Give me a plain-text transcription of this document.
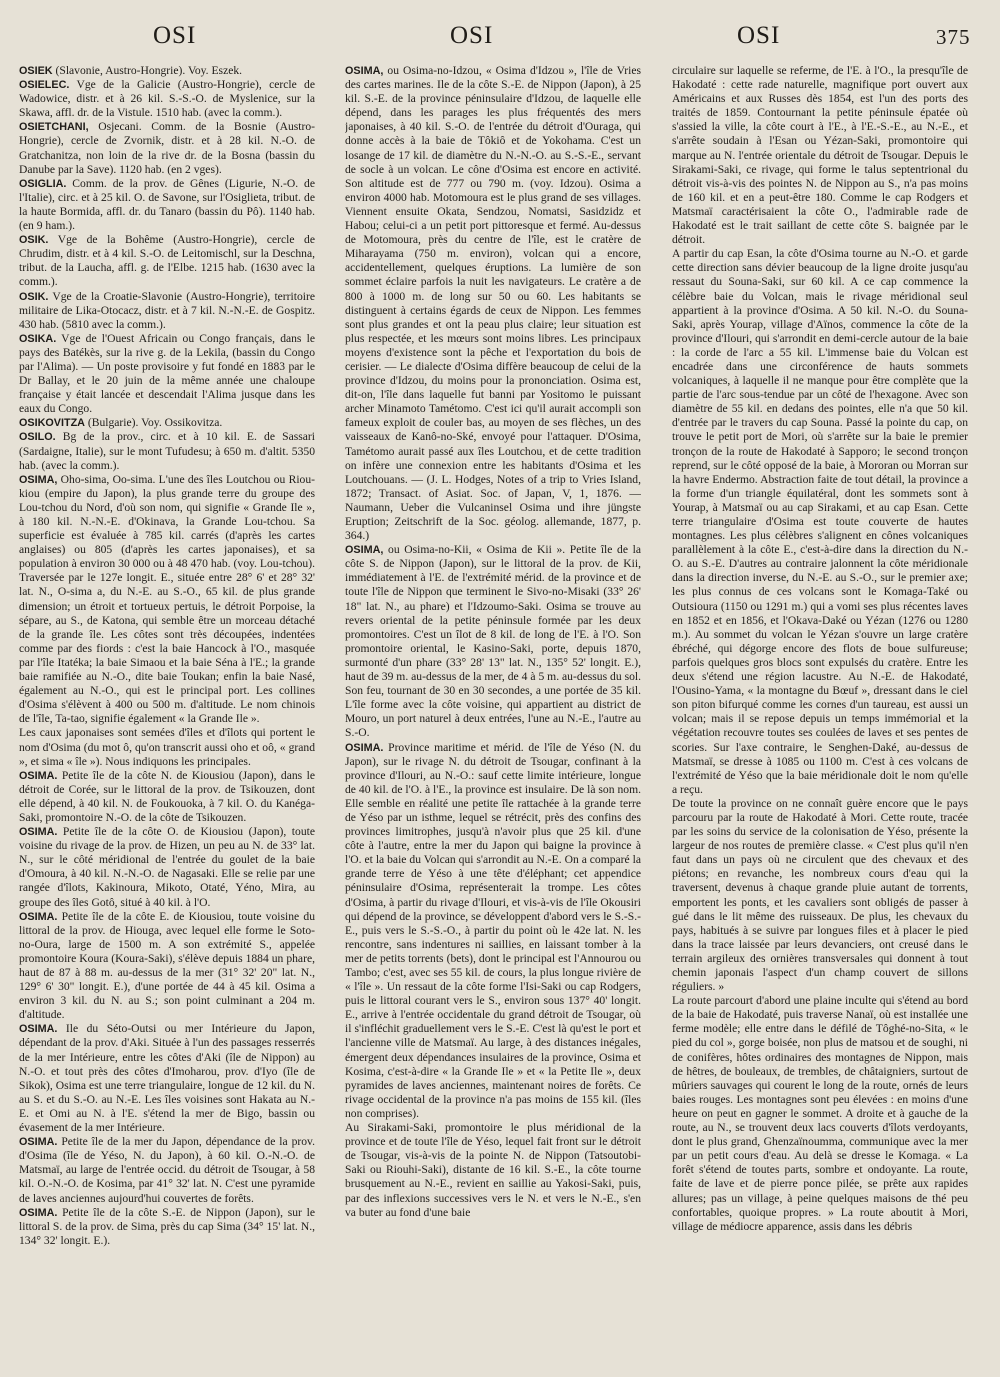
OSI	OSI	OSI	375

OSIEK (Slavonie, Austro-Hongrie). Voy. Eszek.

OSIELEC. Vge de la Galicie (Austro-Hongrie), cercle de Wadowice, distr. et à 26 kil. S.-S.-O. de Myslenice, sur la Skawa, affl. dr. de la Vistule. 1510 hab. (avec la comm.).

OSIETCHANI, Osjecani. Comm. de la Bosnie (Austro-Hongrie), cercle de Zvornik, distr. et à 28 kil. N.-O. de Gratchanitza, non loin de la rive dr. de la Bosna (bassin du Danube par la Save). 1120 hab. (en 2 vges).

OSIGLIA. Comm. de la prov. de Gênes (Ligurie, N.-O. de l'Italie), circ. et à 25 kil. O. de Savone, sur l'Osiglieta, tribut. de la haute Bormida, affl. dr. du Tanaro (bassin du Pô). 1140 hab. (en 9 ham.).

OSIK. Vge de la Bohême (Austro-Hongrie), cercle de Chrudim, distr. et à 4 kil. S.-O. de Leitomischl, sur la Deschna, tribut. de la Laucha, affl. g. de l'Elbe. 1215 hab. (1630 avec la comm.).

OSIK. Vge de la Croatie-Slavonie (Austro-Hongrie), territoire militaire de Lika-Otocacz, distr. et à 7 kil. N.-N.-E. de Gospitz. 430 hab. (5810 avec la comm.).

OSIKA. Vge de l'Ouest Africain ou Congo français, dans le pays des Batékès, sur la rive g. de la Lekila, (bassin du Congo par l'Alima). — Un poste provisoire y fut fondé en 1883 par le Dr Ballay, et le 20 juin de la même année une chaloupe française y était lancée et descendait l'Alima jusque dans les eaux du Congo.

OSIKOVITZA (Bulgarie). Voy. Ossikovitza.

OSILO. Bg de la prov., circ. et à 10 kil. E. de Sassari (Sardaigne, Italie), sur le mont Tufudesu; à 650 m. d'altit. 5350 hab. (avec la comm.).

OSIMA, Oho-sima, Oo-sima. L'une des îles Loutchou ou Riou-kiou (empire du Japon), la plus grande terre du groupe des Lou-tchou du Nord, d'où son nom, qui signifie « Grande Ile », à 180 kil. N.-N.-E. d'Okinava, la Grande Lou-tchou. Sa superficie est évaluée à 785 kil. carrés (d'après les cartes anglaises) ou 805 (d'après les cartes japonaises), et sa population à environ 30 000 ou à 48 470 hab. (voy. Lou-tchou). Traversée par le 127e longit. E., située entre 28° 6' et 28° 32' lat. N., O-sima a, du N.-E. au S.-O., 65 kil. de plus grande dimension; un étroit et tortueux pertuis, le détroit Porpoise, la sépare, au S., de Katona, qui semble être un morceau détaché de la grande île. Les côtes sont très découpées, indentées comme par des fiords : c'est la baie Hancock à l'O., masquée par l'île Itatéka; la baie Simaou et la baie Séna à l'E.; la grande baie ramifiée au N.-O., dite baie Toukan; enfin la baie Nasé, également au N.-O., qui est le principal port. Les collines d'Osima s'élèvent à 400 ou 500 m. d'altitude. Le nom chinois de l'île, Ta-tao, signifie également « la Grande Ile ».

Les caux japonaises sont semées d'îles et d'îlots qui portent le nom d'Osima (du mot ô, qu'on transcrit aussi oho et oô, « grand », et sima « île »). Nous indiquons les principales.

OSIMA. Petite île de la côte N. de Kiousiou (Japon), dans le détroit de Corée, sur le littoral de la prov. de Tsikouzen, dont elle dépend, à 40 kil. N. de Foukouoka, à 7 kil. O. du Kanéga-Saki, promontoire N.-O. de la côte de Tsikouzen.

OSIMA. Petite île de la côte O. de Kiousiou (Japon), toute voisine du rivage de la prov. de Hizen, un peu au N. de 33° lat. N., sur le côté méridional de l'entrée du goulet de la baie d'Omoura, à 40 kil. N.-N.-O. de Nagasaki. Elle se relie par une rangée d'îlots, Kakinoura, Mikoto, Otaté, Yéno, Mira, au groupe des îles Gotô, situé à 40 kil. à l'O.

OSIMA. Petite île de la côte E. de Kiousiou, toute voisine du littoral de la prov. de Hiouga, avec lequel elle forme le Soto-no-Oura, large de 1500 m. A son extrémité S., appelée promontoire Koura (Koura-Saki), s'élève depuis 1884 un phare, haut de 87 à 88 m. au-dessus de la mer (31° 32' 20" lat. N., 129° 6' 30" longit. E.), d'une portée de 44 à 45 kil. Osima a environ 3 kil. du N. au S.; son point culminant a 204 m. d'altitude.

OSIMA. Ile du Séto-Outsi ou mer Intérieure du Japon, dépendant de la prov. d'Aki. Située à l'un des passages resserrés de la mer Intérieure, entre les côtes d'Aki (île de Nippon) au N.-O. et tout près des côtes d'Imoharou, prov. d'Iyo (île de Sikok), Osima est une terre triangulaire, longue de 12 kil. du N. au S. et du S.-O. au N.-E. Les îles voisines sont Hakata au N.-E. et Omi au N. à l'E. s'étend la mer de Bigo, bassin ou évasement de la mer Intérieure.

OSIMA. Petite île de la mer du Japon, dépendance de la prov. d'Osima (île de Yéso, N. du Japon), à 60 kil. O.-N.-O. de Matsmaï, au large de l'entrée occid. du détroit de Tsougar, à 58 kil. O.-N.-O. de Kosima, par 41° 32' lat. N. C'est une pyramide de laves anciennes aujourd'hui couvertes de forêts.

OSIMA. Petite île de la côte S.-E. de Nippon (Japon), sur le littoral S. de la prov. de Sima, près du cap Sima (34° 15' lat. N., 134° 32' longit. E.).

OSIMA, ou Osima-no-Idzou, « Osima d'Idzou », l'île de Vries des cartes marines. Ile de la côte S.-E. de Nippon (Japon), à 25 kil. S.-E. de la province péninsulaire d'Idzou, de laquelle elle dépend, dans les parages les plus fréquentés des mers japonaises, à 40 kil. S.-O. de l'entrée du détroit d'Ouraga, qui donne accès à la baie de Tôkiô et de Yokohama. C'est un losange de 17 kil. de diamètre du N.-N.-O. au S.-S.-E., servant de socle à un volcan. Le cône d'Osima est encore en activité. Son altitude est de 777 ou 790 m. (voy. Idzou). Osima a environ 4000 hab. Motomoura est le plus grand de ses villages. Viennent ensuite Okata, Sendzou, Nomatsi, Sasidzidz et Habou; celui-ci a un petit port pittoresque et fermé. Au-dessus de Motomoura, près du centre de l'île, est le cratère de Miharayama (750 m. environ), volcan qui a encore, accidentellement, quelques éruptions. La lumière de son sommet éclaire parfois la nuit les navigateurs. Le cratère a de 800 à 1000 m. de long sur 50 ou 60. Les habitants se distinguent à certains égards de ceux de Nippon. Les femmes sont plus grandes et ont la peau plus claire; leur situation est plus respectée, et les mœurs sont moins libres. Les principaux moyens d'existence sont la pêche et l'exportation du bois de cerisier. — Le dialecte d'Osima diffère beaucoup de celui de la province d'Idzou, du moins pour la prononciation. Osima est, dit-on, l'île dans laquelle fut banni par Yositomo le puissant archer Minamoto Tamétomo. C'est ici qu'il aurait accompli son fameux exploit de couler bas, au moyen de ses flèches, un des vaisseaux de Kanô-no-Ské, envoyé pour l'attaquer. D'Osima, Tamétomo aurait passé aux îles Loutchou, et de cette tradition on infère une connexion entre les habitants d'Osima et les Loutchouans. — (J. L. Hodges, Notes of a trip to Vries Island, 1872; Transact. of Asiat. Soc. of Japan, V, 1, 1876. — Naumann, Ueber die Vulcaninsel Osima und ihre jüngste Eruption; Zeitschrift de la Soc. géolog. allemande, 1877, p. 364.)

OSIMA, ou Osima-no-Kii, « Osima de Kii ». Petite île de la côte S. de Nippon (Japon), sur le littoral de la prov. de Kii, immédiatement à l'E. de l'extrémité mérid. de la province et de toute l'île de Nippon que terminent le Sivo-no-Misaki (33° 26' 18" lat. N., au phare) et l'Idzoumo-Saki. Osima se trouve au revers oriental de la petite péninsule formée par les deux promontoires. C'est un îlot de 8 kil. de long de l'E. à l'O. Son promontoire oriental, le Kasino-Saki, porte, depuis 1870, surmonté d'un phare (33° 28' 13" lat. N., 135° 52' longit. E.), haut de 39 m. au-dessus de la mer, de 4 à 5 m. au-dessus du sol. Son feu, tournant de 30 en 30 secondes, a une portée de 35 kil. L'île forme avec la côte voisine, qui appartient au district de Mouro, un port naturel à deux entrées, l'une au N.-E., l'autre au S.-O.

OSIMA. Province maritime et mérid. de l'île de Yéso (N. du Japon), sur le rivage N. du détroit de Tsougar, confinant à la province d'Ilouri, au N.-O.: sauf cette limite intérieure, longue de 40 kil. de l'O. à l'E., la province est insulaire. De là son nom. Elle semble en réalité une petite île rattachée à la grande terre de Yéso par un isthme, lequel se rétrécit, près des confins des provinces limitrophes, jusqu'à n'avoir plus que 25 kil. d'une côte à l'autre, entre la mer du Japon qui baigne la province à l'O. et la baie du Volcan qui s'arrondit au N.-E. On a comparé la grande terre de Yéso à une tête d'éléphant; cet appendice péninsulaire d'Osima, représenterait la trompe. Les côtes d'Osima, à partir du rivage d'Ilouri, et vis-à-vis de l'île Okousiri qui dépend de la province, se développent d'abord vers le S.-S.-E., puis vers le S.-S.-O., à partir du point où le 42e lat. N. les rencontre, sans indentures ni saillies, en laissant tomber à la mer de petits torrents (bets), dont le principal est l'Annourou ou Tambo; c'est, avec ses 55 kil. de cours, la plus longue rivière de « l'île ». Un ressaut de la côte forme l'Isi-Saki ou cap Rodgers, puis le littoral courant vers le S., environ sous 137° 40' longit. E., arrive à l'entrée occidentale du grand détroit de Tsougar, où il s'infléchit graduellement vers le S.-E. C'est là qu'est le port et l'ancienne ville de Matsmaï. Au large, à des distances inégales, émergent deux dépendances insulaires de la province, Osima et Kosima, c'est-à-dire « la Grande Ile » et « la Petite Ile », deux pyramides de laves anciennes, maintenant noires de forêts. Ce rivage occidental de la province n'a pas moins de 155 kil. (îles non comprises).

Au Sirakami-Saki, promontoire le plus méridional de la province et de toute l'île de Yéso, lequel fait front sur le détroit de Tsougar, vis-à-vis de la pointe N. de Nippon (Tatsoutobi-Saki ou Riouhi-Saki), distante de 16 kil. S.-E., la côte tourne brusquement au N.-E., revient en saillie au Yakosi-Saki, puis, par des inflexions successives vers le N. et vers le N.-E., s'en va buter au fond d'une baie

circulaire sur laquelle se referme, de l'E. à l'O., la presqu'île de Hakodaté : cette rade naturelle, magnifique port ouvert aux Américains et aux Russes dès 1854, est l'un des ports des traités de 1859. Contournant la petite péninsule épatée où s'assied la ville, la côte court à l'E., à l'E.-S.-E., au N.-E., et s'arrête soudain à l'Esan ou Yézan-Saki, promontoire qui marque au N. l'entrée orientale du détroit de Tsougar. Depuis le Sirakami-Saki, ce rivage, qui forme le talus septentrional du détroit vis-à-vis des pointes N. de Nippon au S., n'a pas moins de 160 kil. et en a peut-être 180. Comme le cap Rodgers et Matsmaï caractérisaient la côte O., l'admirable rade de Hakodaté est le trait saillant de cette côte S. baignée par le détroit.

A partir du cap Esan, la côte d'Osima tourne au N.-O. et garde cette direction sans dévier beaucoup de la ligne droite jusqu'au ressaut du Souna-Saki, sur 60 kil. A ce cap commence la célèbre baie du Volcan, mais le rivage méridional seul appartient à la province d'Osima. A 50 kil. N.-O. du Souna-Saki, après Yourap, village d'Aïnos, commence la côte de la province d'Ilouri, qui s'arrondit en demi-cercle autour de la baie : la corde de l'arc a 55 kil. L'immense baie du Volcan est encadrée dans une circonférence de hauts sommets volcaniques, à laquelle il ne manque pour être complète que la partie de l'arc sous-tendue par un côté de l'hexagone. Avec son diamètre de 55 kil. en dedans des pointes, elle n'a que 50 kil. d'entrée par le travers du cap Souna. Passé la pointe du cap, on trouve le petit port de Mori, où s'arrête sur la baie le premier tronçon de la route de Hakodaté à Sapporo; le second tronçon reprend, sur le côté opposé de la baie, à Mororan ou Morran sur la havre Endermo. Abstraction faite de tout détail, la province a la forme d'un triangle équilatéral, dont les sommets sont à Yourap, à Matsmaï ou au cap Sirakami, et au cap Esan. Cette terre triangulaire d'Osima est toute couverte de hautes montagnes. Les plus célèbres s'alignent en cônes volcaniques parallèlement à la côte E., c'est-à-dire dans la direction du N.-O. au S.-E. D'autres au contraire jalonnent la côte méridionale dans la direction inverse, du N.-E. au S.-O., sur le premier axe; les plus connus de ces volcans sont le Komaga-Také ou Outsioura (1150 ou 1291 m.) qui a vomi ses plus récentes laves en 1852 et en 1856, et l'Okava-Daké ou Yézan (1276 ou 1280 m.). Au sommet du volcan le Yézan s'ouvre un large cratère ébréché, qui dégorge encore des flots de boue sulfureuse; parfois quelques gros blocs sont expulsés du cratère. Entre les deux s'étend une région lacustre. Au N.-E. de Hakodaté, l'Ousino-Yama, « la montagne du Bœuf », dressant dans le ciel son piton bifurqué comme les cornes d'un taureau, est aussi un volcan; mais il se repose depuis un temps immémorial et la végétation recouvre toutes ses coulées de laves et ses pentes de scories. Sur l'axe contraire, le Senghen-Daké, au-dessus de Matsmaï, se dresse à 1085 ou 1100 m. C'est à ces volcans de l'extrémité de Yéso que la baie méridionale doit le nom qu'elle a reçu.

De toute la province on ne connaît guère encore que le pays parcouru par la route de Hakodaté à Mori. Cette route, tracée par les soins du service de la colonisation de Yéso, présente la largeur de nos routes de première classe. « C'est plus qu'il n'en faut dans un pays où ne circulent que des chevaux et des piétons; en revanche, les nombreux cours d'eau qui la traversent, devenus à chaque grande pluie autant de torrents, emportent les ponts, et les cavaliers sont obligés de passer à gué dans le lit même des ruisseaux. De plus, les chevaux du pays, habitués à se suivre par longues files et à placer le pied dans la trace laissée par leurs devanciers, ont creusé dans le terrain argileux des ornières transversales qui donnent à tout chemin japonais l'aspect d'un champ couvert de sillons réguliers. »

La route parcourt d'abord une plaine inculte qui s'étend au bord de la baie de Hakodaté, puis traverse Nanaï, où est installée une ferme modèle; elle entre dans le défilé de Tôghé-no-Sita, « le pied du col », gorge boisée, non plus de matsou et de soughi, ni de conifères, hôtes ordinaires des montagnes de Nippon, mais de hêtres, de bouleaux, de trembles, de châtaigniers, surtout de mûriers sauvages qui courent le long de la route, ornés de leurs baies rouges. Les montagnes sont peu élevées : en moins d'une heure on peut en gagner le sommet. A droite et à gauche de la route, au N., se trouvent deux lacs couverts d'îlots verdoyants, dont le plus grand, Ghenzaïnoumma, communique avec la mer par un petit cours d'eau. Au delà se dresse le Komaga. « La forêt s'étend de toutes parts, sombre et ondoyante. La route, faite de lave et de pierre ponce pilée, se prête aux rapides allures; pas un village, à peine quelques maisons de thé peu confortables, quoique propres. » La route aboutit à Mori, village de médiocre apparence, assis dans les débris
